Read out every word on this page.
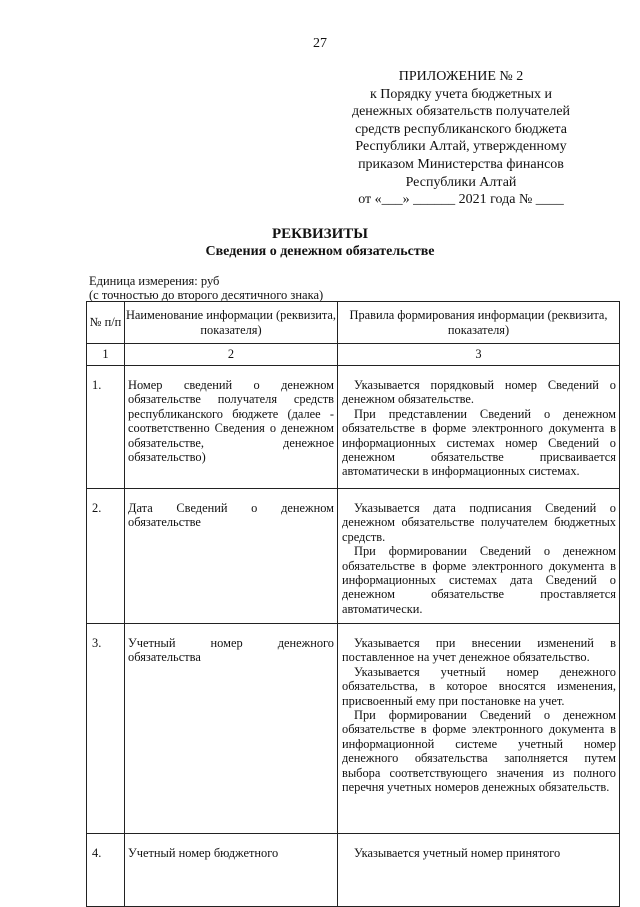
27
ПРИЛОЖЕНИЕ № 2
к Порядку учета бюджетных и
денежных обязательств получателей
средств республиканского бюджета
Республики Алтай, утвержденному
приказом Министерства финансов
Республики Алтай
от «___» ______ 2021 года № ____
РЕКВИЗИТЫ
Сведения о денежном обязательстве
Единица измерения: руб
(с точностью до второго десятичного знака)
№ п/п	Наименование информации (реквизита, показателя)	Правила формирования информации (реквизита, показателя)
1	2	3
1.	Номер сведений о денежном обязательстве получателя средств республиканского бюджете (далее - соответственно Сведения о денежном обязательстве, денежное обязательство)	Указывается порядковый номер Сведений о денежном обязательстве.

При представлении Сведений о денежном обязательстве в форме электронного документа в информационных системах номер Сведений о денежном обязательстве присваивается автоматически в информационных системах.

2.	Дата Сведений о денежном обязательстве	Указывается дата подписания Сведений о денежном обязательстве получателем бюджетных средств.

При формировании Сведений о денежном обязательстве в форме электронного документа в информационных системах дата Сведений о денежном обязательстве проставляется автоматически.

3.	Учетный номер денежного обязательства	Указывается при внесении изменений в поставленное на учет денежное обязательство.

Указывается учетный номер денежного обязательства, в которое вносятся изменения, присвоенный ему при постановке на учет.

При формировании Сведений о денежном обязательстве в форме электронного документа в информационной системе учетный номер денежного обязательства заполняется путем выбора соответствующего значения из полного перечня учетных номеров денежных обязательств.

4.	Учетный номер бюджетного	Указывается учетный номер принятого
